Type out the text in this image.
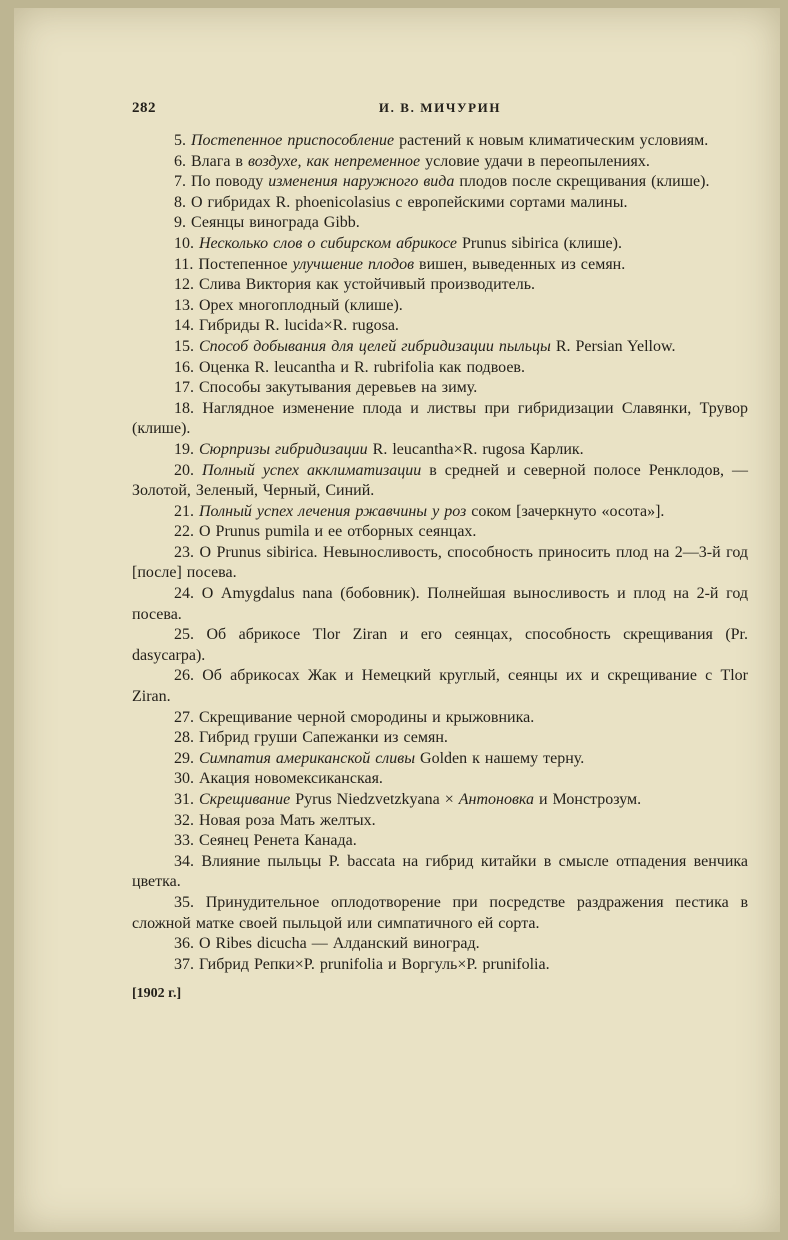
282	И. В. МИЧУРИН

5. Постепенное приспособление растений к новым климатическим условиям.

6. Влага в воздухе, как непременное условие удачи в переопылениях.

7. По поводу изменения наружного вида плодов после скрещивания (клише).

8. О гибридах R. phoenicolasius с европейскими сортами малины.

9. Сеянцы винограда Gibb.

10. Несколько слов о сибирском абрикосе Prunus sibirica (клише).

11. Постепенное улучшение плодов вишен, выведенных из семян.

12. Слива Виктория как устойчивый производитель.

13. Орех многоплодный (клише).

14. Гибриды R. lucida×R. rugosa.

15. Способ добывания для целей гибридизации пыльцы R. Persian Yellow.

16. Оценка R. leucantha и R. rubrifolia как подвоев.

17. Способы закутывания деревьев на зиму.

18. Наглядное изменение плода и листвы при гибридизации Славянки, Трувор (клише).

19. Сюрпризы гибридизации R. leucantha×R. rugosa Карлик.

20. Полный успех акклиматизации в средней и северной полосе Ренклодов, — Золотой, Зеленый, Черный, Синий.

21. Полный успех лечения ржавчины у роз соком [зачеркнуто «осота»].

22. О Prunus pumila и ее отборных сеянцах.

23. О Prunus sibirica. Невыносливость, способность приносить плод на 2—3-й год [после] посева.

24. О Amygdalus nana (бобовник). Полнейшая выносливость и плод на 2-й год посева.

25. Об абрикосе Tlor Ziran и его сеянцах, способность скрещивания (Pr. dasycarpa).

26. Об абрикосах Жак и Немецкий круглый, сеянцы их и скрещивание с Tlor Ziran.

27. Скрещивание черной смородины и крыжовника.

28. Гибрид груши Сапежанки из семян.

29. Симпатия американской сливы Golden к нашему терну.

30. Акация новомексиканская.

31. Скрещивание Pyrus Niedzvetzkyana × Антоновка и Монстрозум.

32. Новая роза Мать желтых.

33. Сеянец Ренета Канада.

34. Влияние пыльцы P. baccata на гибрид китайки в смысле отпадения венчика цветка.

35. Принудительное оплодотворение при посредстве раздражения пестика в сложной матке своей пыльцой или симпатичного ей сорта.

36. О Ribes dicucha — Алданский виноград.

37. Гибрид Репки×P. prunifolia и Воргуль×P. prunifolia.

[1902 г.]
